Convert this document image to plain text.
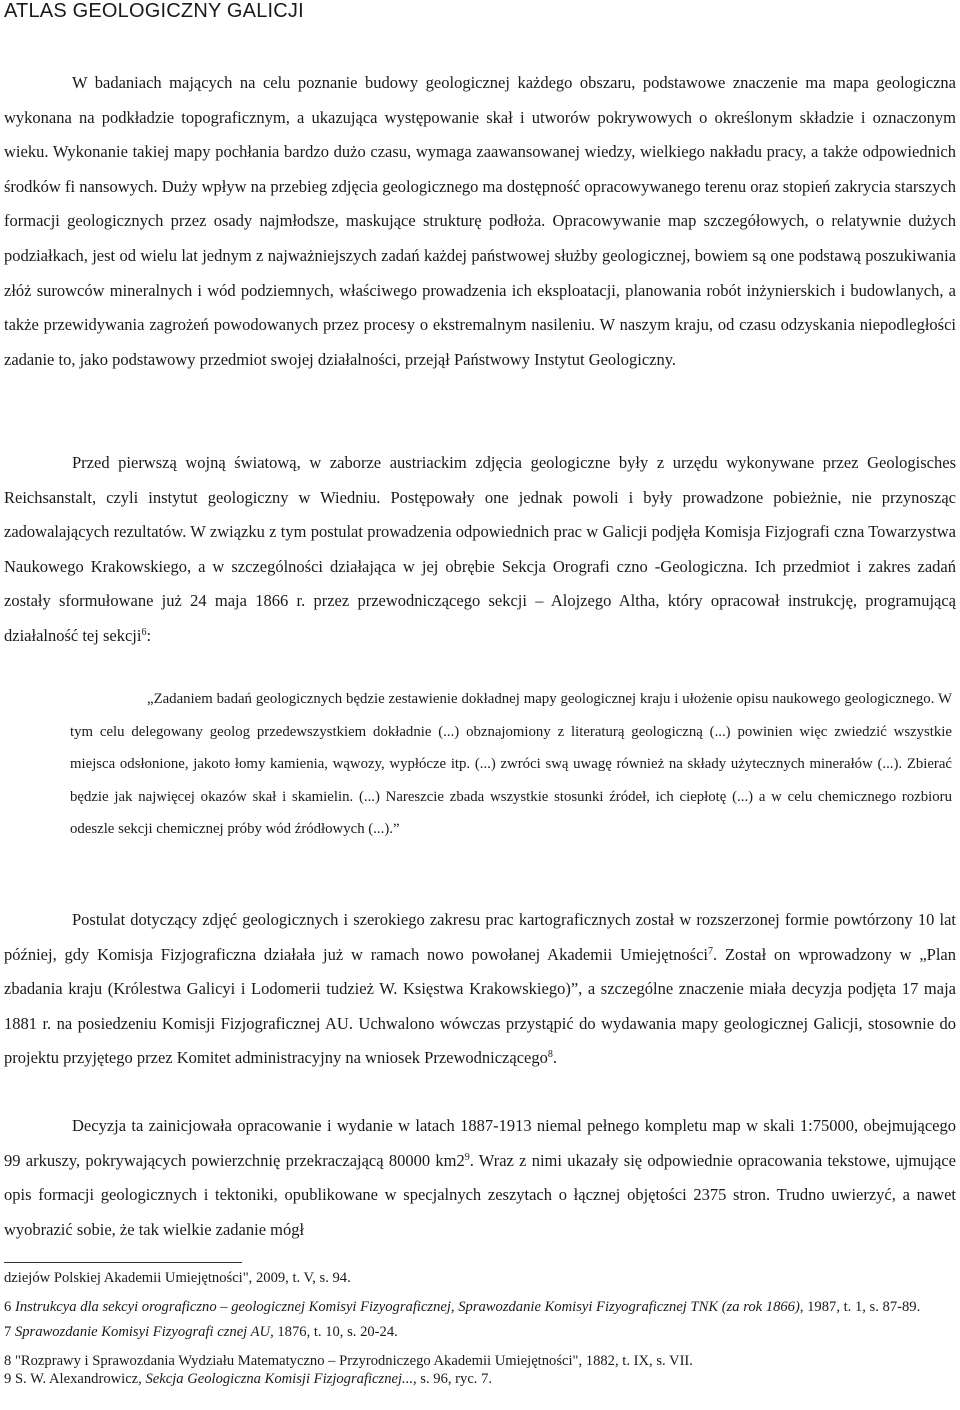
ATLAS GEOLOGICZNY GALICJI

W badaniach mających na celu poznanie budowy geologicznej każdego obszaru, podstawowe znaczenie ma mapa geologiczna wykonana na podkładzie topograficznym, a ukazująca występowanie skał i utworów pokrywowych o określonym składzie i oznaczonym wieku. Wykonanie takiej mapy pochłania bardzo dużo czasu, wymaga zaawansowanej wiedzy, wielkiego nakładu pracy, a także odpowiednich środków fi nansowych. Duży wpływ na przebieg zdjęcia geologicznego ma dostępność opracowywanego terenu oraz stopień zakrycia starszych formacji geologicznych przez osady najmłodsze, maskujące strukturę podłoża. Opracowywanie map szczegółowych, o relatywnie dużych podziałkach, jest od wielu lat jednym z najważniejszych zadań każdej państwowej służby geologicznej, bowiem są one podstawą poszukiwania złóż surowców mineralnych i wód podziemnych, właściwego prowadzenia ich eksploatacji, planowania robót inżynierskich i budowlanych, a także przewidywania zagrożeń powodowanych przez procesy o ekstremalnym nasileniu. W naszym kraju, od czasu odzyskania niepodległości zadanie to, jako podstawowy przedmiot swojej działalności, przejął Państwowy Instytut Geologiczny.

Przed pierwszą wojną światową, w zaborze austriackim zdjęcia geologiczne były z urzędu wykonywane przez Geologisches Reichsanstalt, czyli instytut geologiczny w Wiedniu. Postępowały one jednak powoli i były prowadzone pobieżnie, nie przynosząc zadowalających rezultatów. W związku z tym postulat prowadzenia odpowiednich prac w Galicji podjęła Komisja Fizjografi czna Towarzystwa Naukowego Krakowskiego, a w szczególności działająca w jej obrębie Sekcja Orografi czno -Geologiczna. Ich przedmiot i zakres zadań zostały sformułowane już 24 maja 1866 r. przez przewodniczącego sekcji – Alojzego Altha, który opracował instrukcję, programującą działalność tej sekcji$^6$:

„Zadaniem badań geologicznych będzie zestawienie dokładnej mapy geologicznej kraju i ułożenie opisu naukowego geologicznego. W tym celu delegowany geolog przedewszystkiem dokładnie (...) obznajomiony z literaturą geologiczną (...) powinien więc zwiedzić wszystkie miejsca odsłonione, jakoto łomy kamienia, wąwozy, wypłócze itp. (...) zwróci swą uwagę również na składy użytecznych minerałów (...). Zbierać będzie jak najwięcej okazów skał i skamielin. (...) Nareszcie zbada wszystkie stosunki źródeł, ich ciepłotę (...) a w celu chemicznego rozbioru odeszle sekcji chemicznej próby wód źródłowych (...).”

Postulat dotyczący zdjęć geologicznych i szerokiego zakresu prac kartograficznych został w rozszerzonej formie powtórzony 10 lat później, gdy Komisja Fizjograficzna działała już w ramach nowo powołanej Akademii Umiejętności$^7$. Został on wprowadzony w „Plan zbadania kraju (Królestwa Galicyi i Lodomerii tudzież W. Księstwa Krakowskiego)”, a szczególne znaczenie miała decyzja podjęta 17 maja 1881 r. na posiedzeniu Komisji Fizjograficznej AU. Uchwalono wówczas przystąpić do wydawania mapy geologicznej Galicji, stosownie do projektu przyjętego przez Komitet administracyjny na wniosek Przewodniczącego$^8$.

Decyzja ta zainicjowała opracowanie i wydanie w latach 1887-1913 niemal pełnego kompletu map w skali 1:75000, obejmującego 99 arkuszy, pokrywających powierzchnię przekraczającą 80000 $km2^9$. Wraz z nimi ukazały się odpowiednie opracowania tekstowe, ujmujące opis formacji geologicznych i tektoniki, opublikowane w specjalnych zeszytach o łącznej objętości 2375 stron. Trudno uwierzyć, a nawet wyobrazić sobie, że tak wielkie zadanie mógł

dziejów Polskiej Akademii Umiejętności", 2009, t. V, s. 94.

6 Instrukcya dla sekcyi orograficzno – geologicznej Komisyi Fizyograficznej, Sprawozdanie Komisyi Fizyograficznej TNK (za rok 1866), 1987, t. 1, s. 87-89.

7 Sprawozdanie Komisyi Fizyografi cznej AU, 1876, t. 10, s. 20-24.

8 "Rozprawy i Sprawozdania Wydziału Matematyczno – Przyrodniczego Akademii Umiejętności", 1882, t. IX, s. VII.

9 S. W. Alexandrowicz, Sekcja Geologiczna Komisji Fizjograficznej..., s. 96, ryc. 7.
